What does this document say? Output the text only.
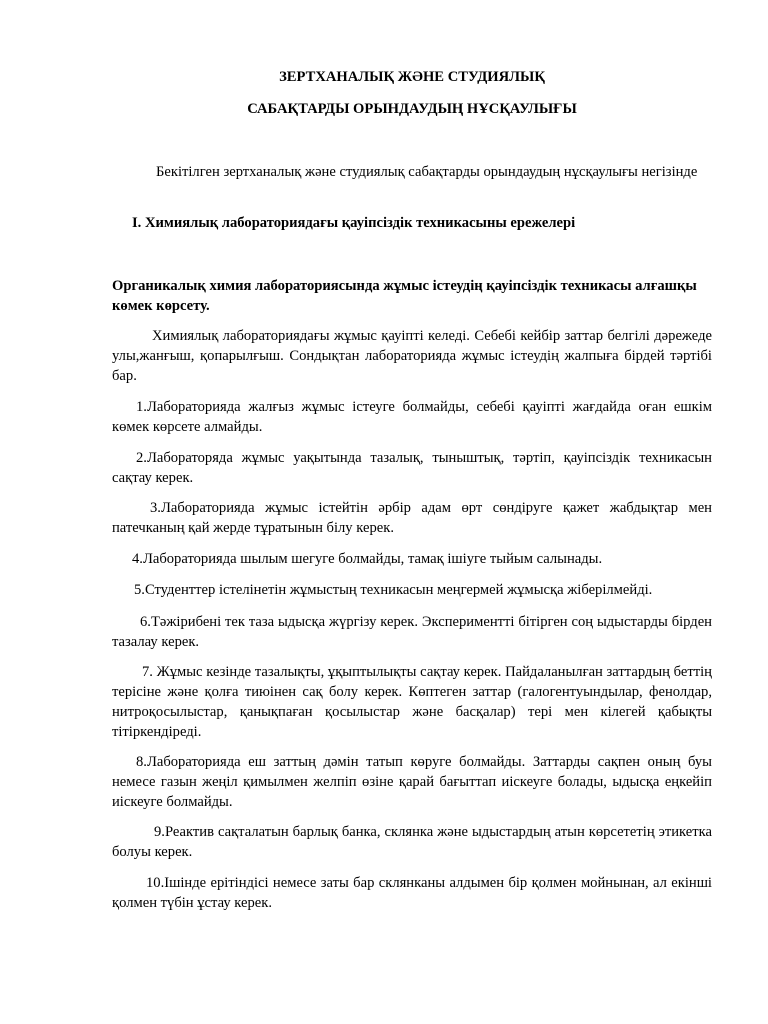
ЗЕРТХАНАЛЫҚ ЖӘНЕ СТУДИЯЛЫҚ

САБАҚТАРДЫ ОРЫНДАУДЫҢ НҰСҚАУЛЫҒЫ

Бекітілген зертханалық және студиялық сабақтарды орындаудың нұсқаулығы негізінде

I. Химиялық лабораториядағы қауіпсіздік техникасыны ережелері

Органикалық химия лабораториясында жұмыс істеудің қауіпсіздік техникасы алғашқы көмек көрсету.

Химиялық лабораториядағы жұмыс қауіпті келеді. Себебі кейбір заттар белгілі дәрежеде улы,жанғыш, қопарылғыш. Сондықтан лабораторияда жұмыс істеудің жалпыға бірдей тәртібі бар.

1.Лабораторияда жалғыз жұмыс істеуге болмайды, себебі қауіпті жағдайда оған ешкім көмек көрсете алмайды.

2.Лабораторяда жұмыс уақытында тазалық, тыныштық, тәртіп, қауіпсіздік техникасын сақтау керек.

3.Лабораторияда жұмыс істейтін әрбір адам өрт сөндіруге қажет жабдықтар мен патечканың қай жерде тұратынын білу керек.

4.Лабораторияда шылым шегуге болмайды, тамақ ішіуге тыйым салынады.

5.Студенттер істелінетін жұмыстың техникасын меңгермей жұмысқа жіберілмейді.

6.Тәжірибені тек таза ыдысқа жүргізу керек. Экспериментті бітірген соң ыдыстарды бірден тазалау керек.

7. Жұмыс кезінде тазалықты, ұқыптылықты сақтау керек. Пайдаланылған заттардың беттің терісіне және қолға тиюінен сақ болу керек. Көптеген заттар (галогентуындылар, фенолдар, нитроқосылыстар, қанықпаған қосылыстар және басқалар) тері мен кілегей қабықты тітіркендіреді.

8.Лабораторияда еш заттың дәмін татып көруге болмайды. Заттарды сақпен оның буы немесе газын жеңіл қимылмен желпіп өзіне қарай бағыттап иіскеуге болады, ыдысқа еңкейіп иіскеуге болмайды.

9.Реактив сақталатын барлық банка, склянка және ыдыстардың атын көрсететің этикетка болуы керек.

10.Ішінде ерітіндісі немесе заты бар склянканы алдымен бір қолмен мойнынан, ал екінші қолмен түбін ұстау керек.
